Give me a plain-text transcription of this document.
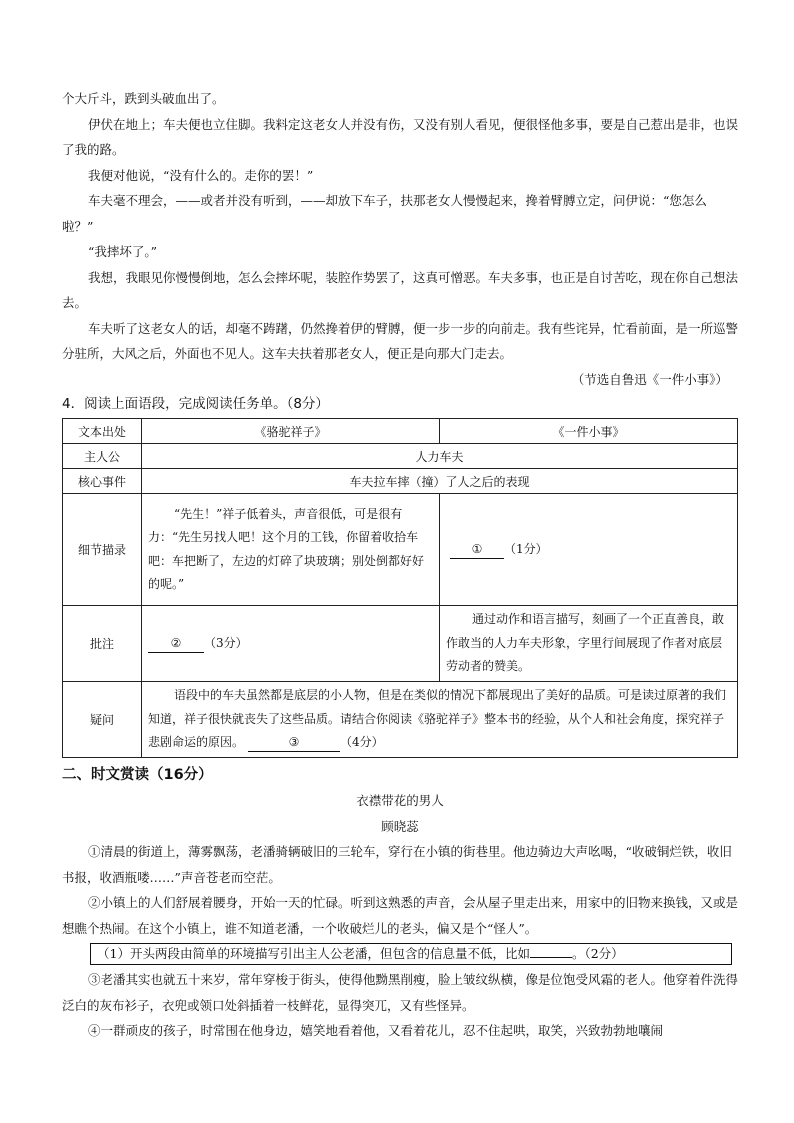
个大斤斗，跌到头破血出了。

伊伏在地上；车夫便也立住脚。我料定这老女人并没有伤，又没有别人看见，便很怪他多事，要是自己惹出是非，也误了我的路。

我便对他说，“没有什么的。走你的罢！”

车夫毫不理会，——或者并没有听到，——却放下车子，扶那老女人慢慢起来，搀着臂膊立定，问伊说：“您怎么啦？”

“我摔坏了。”

我想，我眼见你慢慢倒地，怎么会摔坏呢，装腔作势罢了，这真可憎恶。车夫多事，也正是自讨苦吃，现在你自己想法去。

车夫听了这老女人的话，却毫不踌躇，仍然搀着伊的臂膊，便一步一步的向前走。我有些诧异，忙看前面，是一所巡警分驻所，大风之后，外面也不见人。这车夫扶着那老女人，便正是向那大门走去。

（节选自鲁迅《一件小事》）

4．阅读上面语段，完成阅读任务单。（8分）
文本出处	《骆驼祥子》	《一件小事》
主人公	人力车夫	
核心事件	车夫拉车摔（撞）了人之后的表现	
细节描录	“先生！”祥子低着头，声音很低，可是很有力：“先生另找人吧！这个月的工钱，你留着收拾车吧：车把断了，左边的灯碎了块玻璃；别处倒都好好的呢。”	① （1分）
批注	② （3分）	通过动作和语言描写，刻画了一个正直善良，敢作敢当的人力车夫形象，字里行间展现了作者对底层劳动者的赞美。
疑问	语段中的车夫虽然都是底层的小人物，但是在类似的情况下都展现出了美好的品质。可是读过原著的我们知道，祥子很快就丧失了这些品质。请结合你阅读《骆驼祥子》整本书的经验，从个人和社会角度，探究祥子悲剧命运的原因。 ③ （4分）	
二、时文赏读（16分）

衣襟带花的男人

顾晓蕊

①清晨的街道上，薄雾飘荡，老潘骑辆破旧的三轮车，穿行在小镇的街巷里。他边骑边大声吆喝，“收破铜烂铁，收旧书报，收酒瓶喽……”声音苍老而空茫。

②小镇上的人们舒展着腰身，开始一天的忙碌。听到这熟悉的声音，会从屋子里走出来，用家中的旧物来换钱，又或是想瞧个热闹。在这个小镇上，谁不知道老潘，一个收破烂儿的老头，偏又是个“怪人”。

（1）开头两段由简单的环境描写引出主人公老潘，但包含的信息量不低，比如	。（2分）

③老潘其实也就五十来岁，常年穿梭于街头，使得他黝黑削瘦，脸上皱纹纵横，像是位饱受风霜的老人。他穿着件洗得泛白的灰布衫子，衣兜或领口处斜插着一枝鲜花，显得突兀，又有些怪异。

④一群顽皮的孩子，时常围在他身边，嬉笑地看着他，又看着花儿，忍不住起哄，取笑，兴致勃勃地嚷闹
